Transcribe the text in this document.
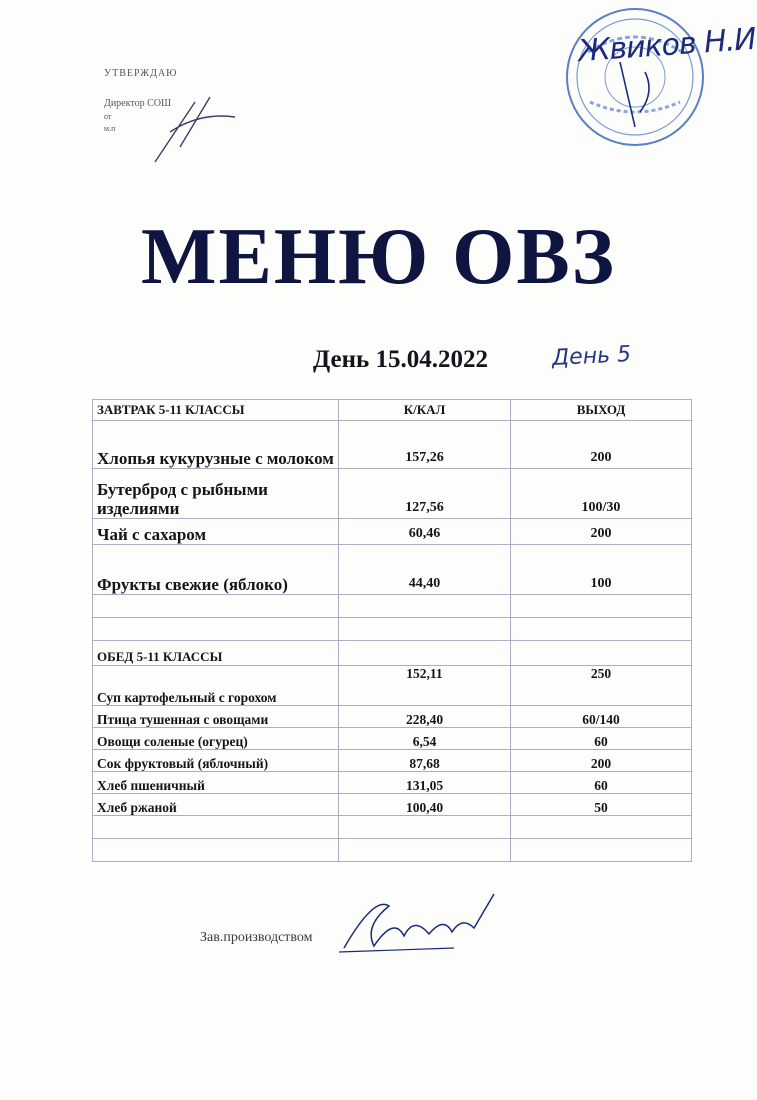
УТВЕРЖДАЮ
Директор СОШ
от
м.п
Жвиков Н.И
МЕНЮ ОВЗ
День 15.04.2022	День 5
ЗАВТРАК 5-11 КЛАССЫ	К/КАЛ	ВЫХОД
Хлопья кукурузные с молоком	157,26	200
Бутерброд с рыбными изделиями	127,56	100/30
Чай с сахаром	60,46	200
Фрукты свежие (яблоко)	44,40	100

ОБЕД 5-11 КЛАССЫ		
Суп картофельный с горохом	152,11	250
Птица тушенная с овощами	228,40	60/140
Овощи соленые (огурец)	6,54	60
Сок фруктовый (яблочный)	87,68	200
Хлеб пшеничный	131,05	60
Хлеб ржаной	100,40	50

Зав.производством
